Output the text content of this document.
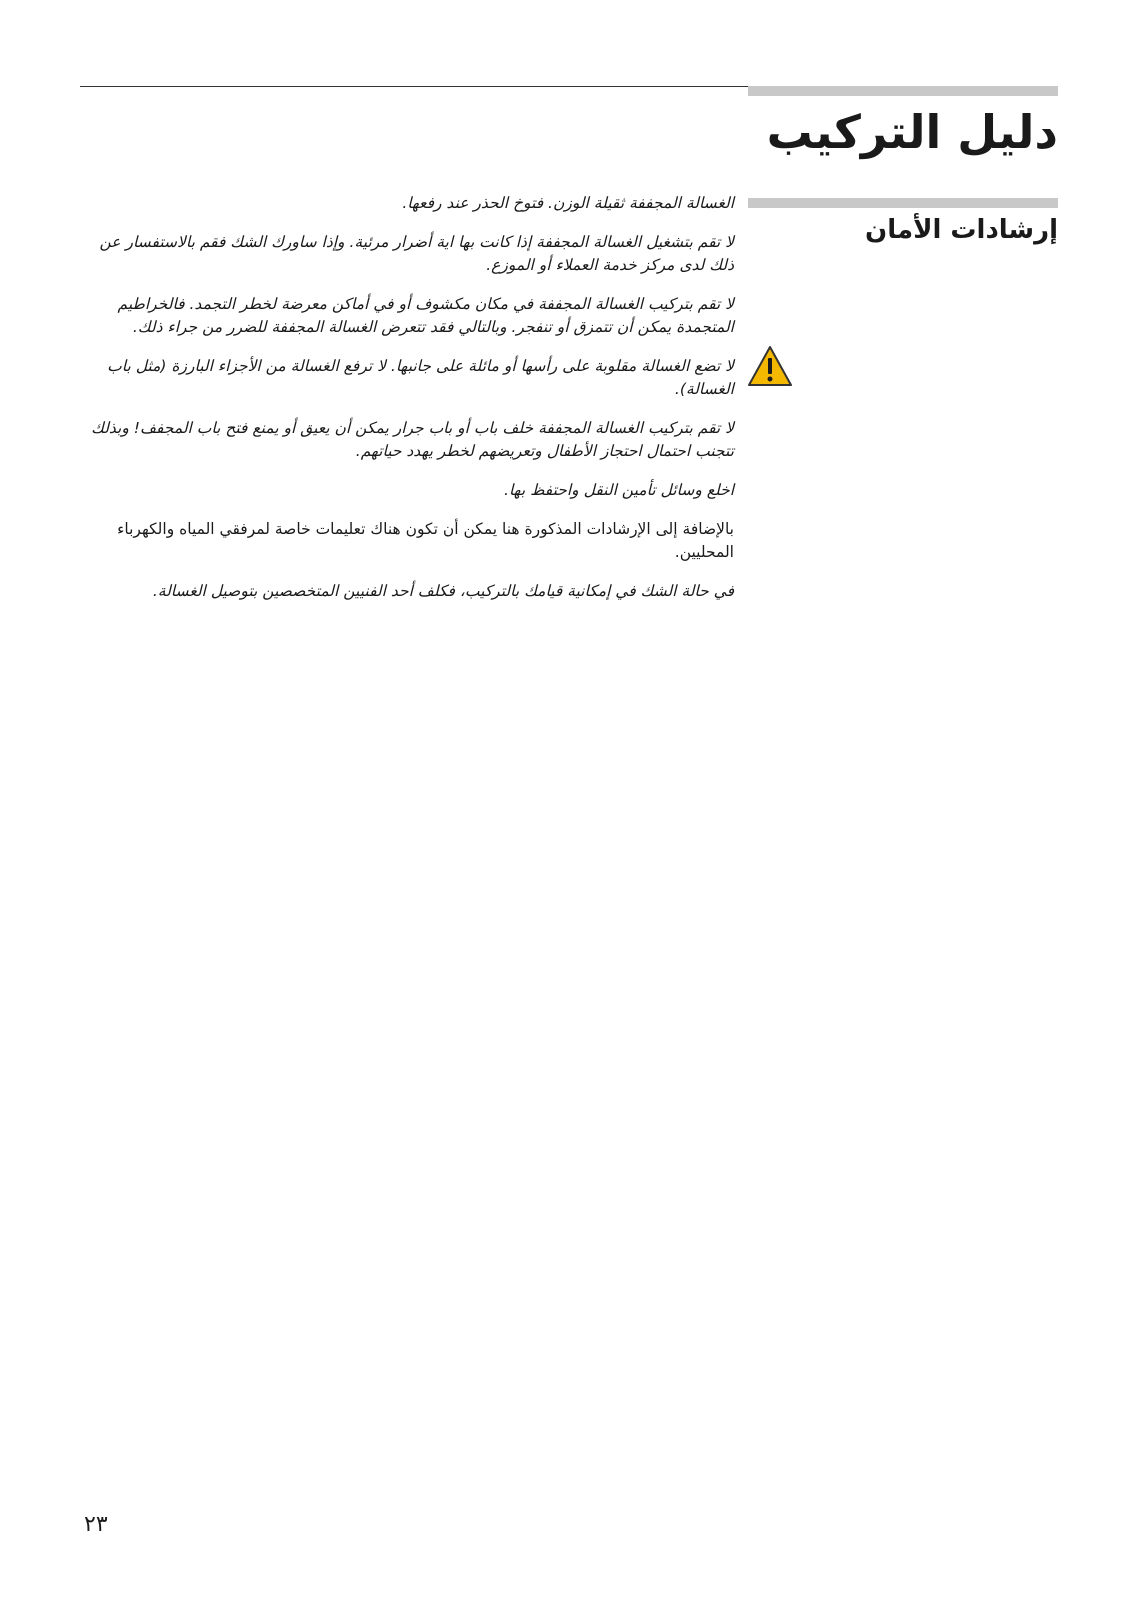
دليل التركيب
إرشادات الأمان

الغسالة المجففة ثقيلة الوزن. فتوخ الحذر عند رفعها.

لا تقم بتشغيل الغسالة المجففة إذا كانت بها اية أضرار مرئية. وإذا ساورك الشك فقم بالاستفسار عن ذلك لدى مركز خدمة العملاء أو الموزع.

لا تقم بتركيب الغسالة المجففة في مكان مكشوف أو في أماكن معرضة لخطر التجمد. فالخراطيم المتجمدة يمكن أن تتمزق أو تنفجر. وبالتالي فقد تتعرض الغسالة المجففة للضرر من جراء ذلك.

لا تضع الغسالة مقلوبة على رأسها أو مائلة على جانبها. لا ترفع الغسالة من الأجزاء البارزة (مثل باب الغسالة).

لا تقم بتركيب الغسالة المجففة خلف باب أو باب جرار يمكن أن يعيق أو يمنع فتح باب المجفف! وبذلك تتجنب احتمال احتجاز الأطفال وتعريضهم لخطر يهدد حياتهم.

اخلع وسائل تأمين النقل واحتفظ بها.

بالإضافة إلى الإرشادات المذكورة هنا يمكن أن تكون هناك تعليمات خاصة لمرفقي المياه والكهرباء المحليين.

في حالة الشك في إمكانية قيامك بالتركيب، فكلف أحد الفنيين المتخصصين بتوصيل الغسالة.

٢٣
